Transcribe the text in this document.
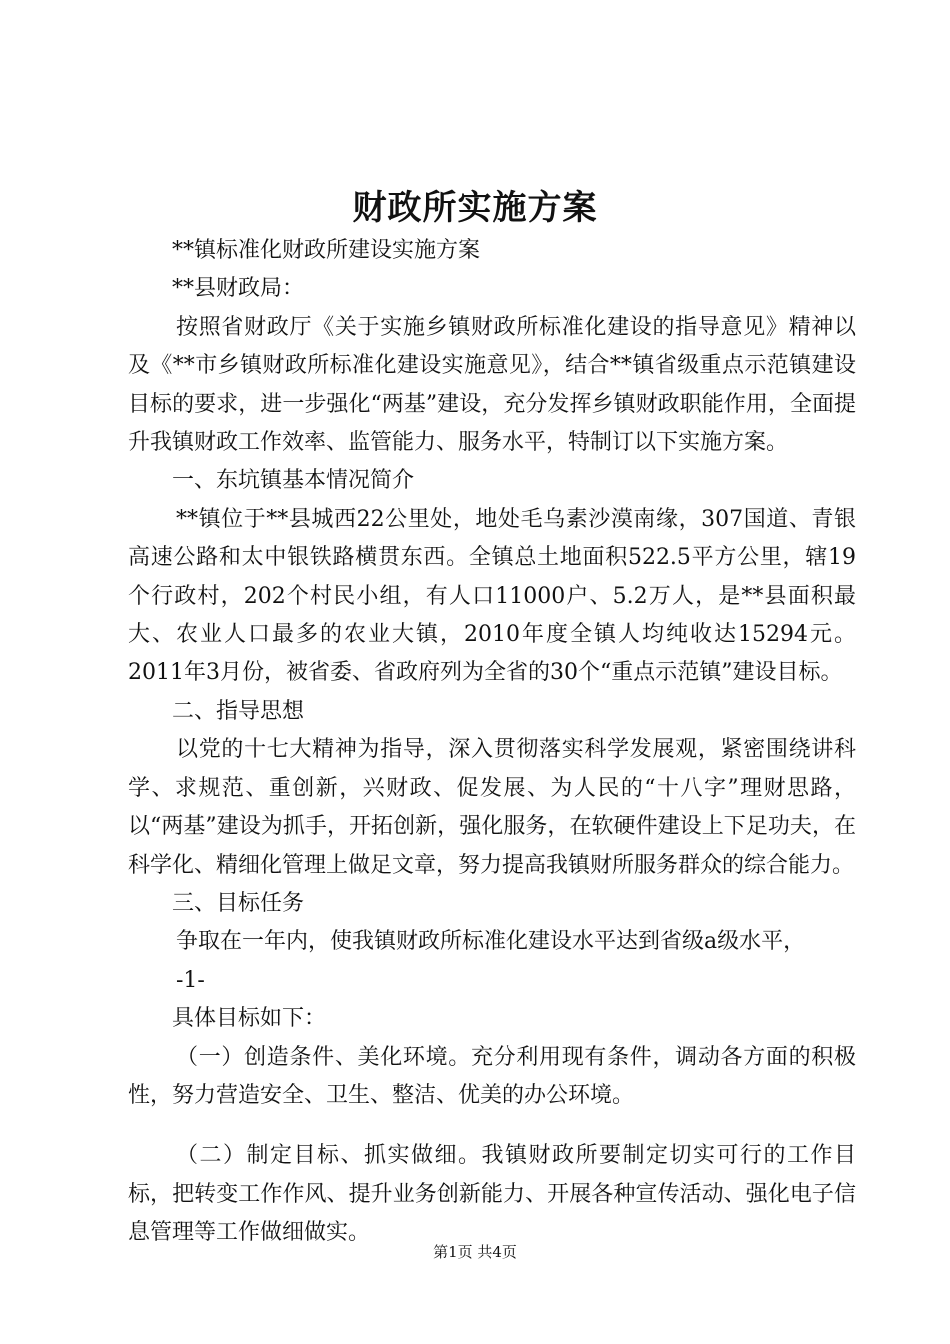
财政所实施方案

**镇标准化财政所建设实施方案

**县财政局：

按照省财政厅《关于实施乡镇财政所标准化建设的指导意见》精神以及《**市乡镇财政所标准化建设实施意见》，结合**镇省级重点示范镇建设目标的要求，进一步强化“两基”建设，充分发挥乡镇财政职能作用，全面提升我镇财政工作效率、监管能力、服务水平，特制订以下实施方案。

一、东坑镇基本情况简介

**镇位于**县城西22公里处，地处毛乌素沙漠南缘，307国道、青银高速公路和太中银铁路横贯东西。全镇总土地面积522.5平方公里，辖19个行政村，202个村民小组，有人口11000户、5.2万人，是**县面积最大、农业人口最多的农业大镇，2010年度全镇人均纯收达15294元。2011年3月份，被省委、省政府列为全省的30个“重点示范镇”建设目标。

二、指导思想

以党的十七大精神为指导，深入贯彻落实科学发展观，紧密围绕讲科学、求规范、重创新，兴财政、促发展、为人民的“十八字”理财思路，以“两基”建设为抓手，开拓创新，强化服务，在软硬件建设上下足功夫，在科学化、精细化管理上做足文章，努力提高我镇财所服务群众的综合能力。

三、目标任务

争取在一年内，使我镇财政所标准化建设水平达到省级a级水平，

-1-

具体目标如下：

（一）创造条件、美化环境。充分利用现有条件，调动各方面的积极性，努力营造安全、卫生、整洁、优美的办公环境。

（二）制定目标、抓实做细。我镇财政所要制定切实可行的工作目标，把转变工作作风、提升业务创新能力、开展各种宣传活动、强化电子信息管理等工作做细做实。

第1页 共4页
